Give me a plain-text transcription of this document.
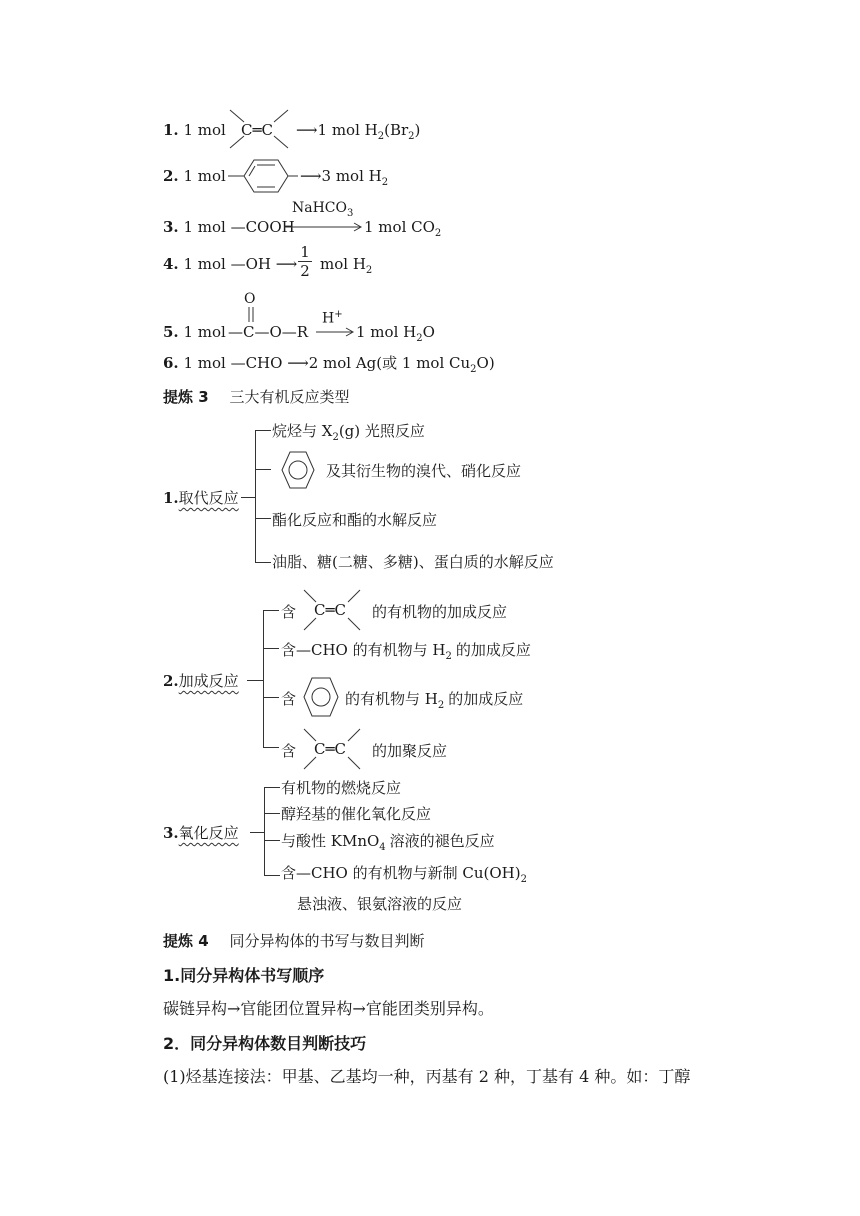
1. 1 mol C═C ⟶1 mol $H_2(Br_2)$
2. 1 mol	⟶3 mol $H_2$
3. 1 mol —COOH
NaHCO$_3$
1 mol $CO_2$
4. 1 mol —OH ⟶
1
2 mol $H_2$
O
5. 1 mol —C—O—R
H+
→ 1 mol $H_2O$
6. 1 mol —CHO ⟶2 mol Ag(或 1 mol $Cu_2O$)
提炼 3 三大有机反应类型
1.取代反应
烷烃与 $X_2(g)$ 光照反应
及其衍生物的溴代、硝化反应
酯化反应和酯的水解反应
油脂、糖(二糖、多糖)、蛋白质的水解反应
2.加成反应
含 C═C 的有机物的加成反应
含—CHO 的有机物与 $H_2$ 的加成反应
含	的有机物与 $H_2$ 的加成反应
含 C═C 的加聚反应
3.氧化反应
有机物的燃烧反应
醇羟基的催化氧化反应
与酸性 KMnO$_4$ 溶液的褪色反应
含—CHO 的有机物与新制 $Cu(OH)_2$
悬浊液、银氨溶液的反应
提炼 4 同分异构体的书写与数目判断
1.同分异构体书写顺序
碳链异构→官能团位置异构→官能团类别异构。
2．同分异构体数目判断技巧
(1)烃基连接法：甲基、乙基均一种，丙基有 2 种，丁基有 4 种。如：丁醇
